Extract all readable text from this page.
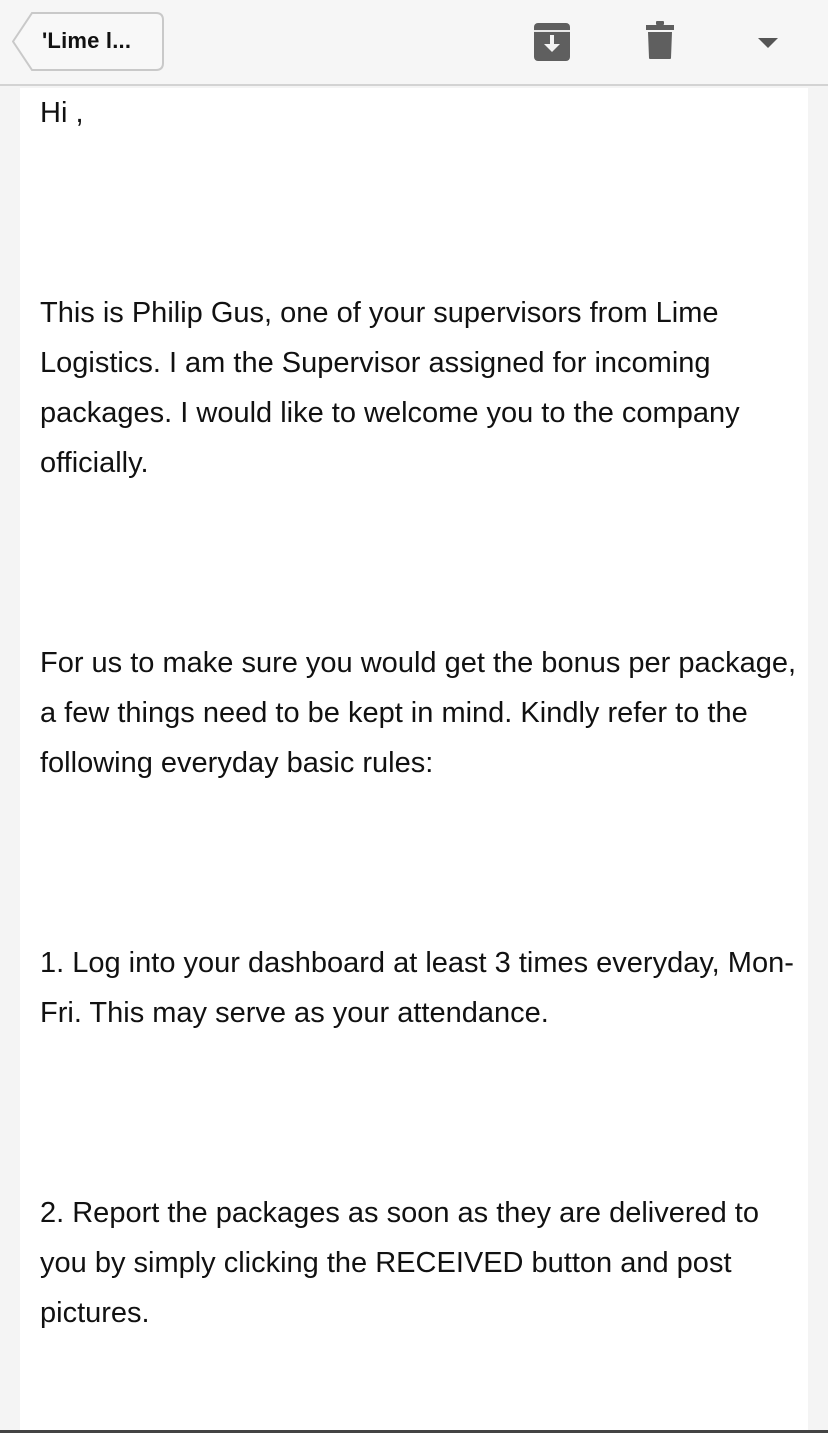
'Lime l...

Hi ,

This is Philip Gus, one of your supervisors from Lime Logistics. I am the Supervisor assigned for incoming packages. I would like to welcome you to the company officially.

For us to make sure you would get the bonus per package, a few things need to be kept in mind. Kindly refer to the following everyday basic rules:

1. Log into your dashboard at least 3 times everyday, Mon- Fri. This may serve as your attendance.

2. Report the packages as soon as they are delivered to you by simply clicking the RECEIVED button and post pictures.
